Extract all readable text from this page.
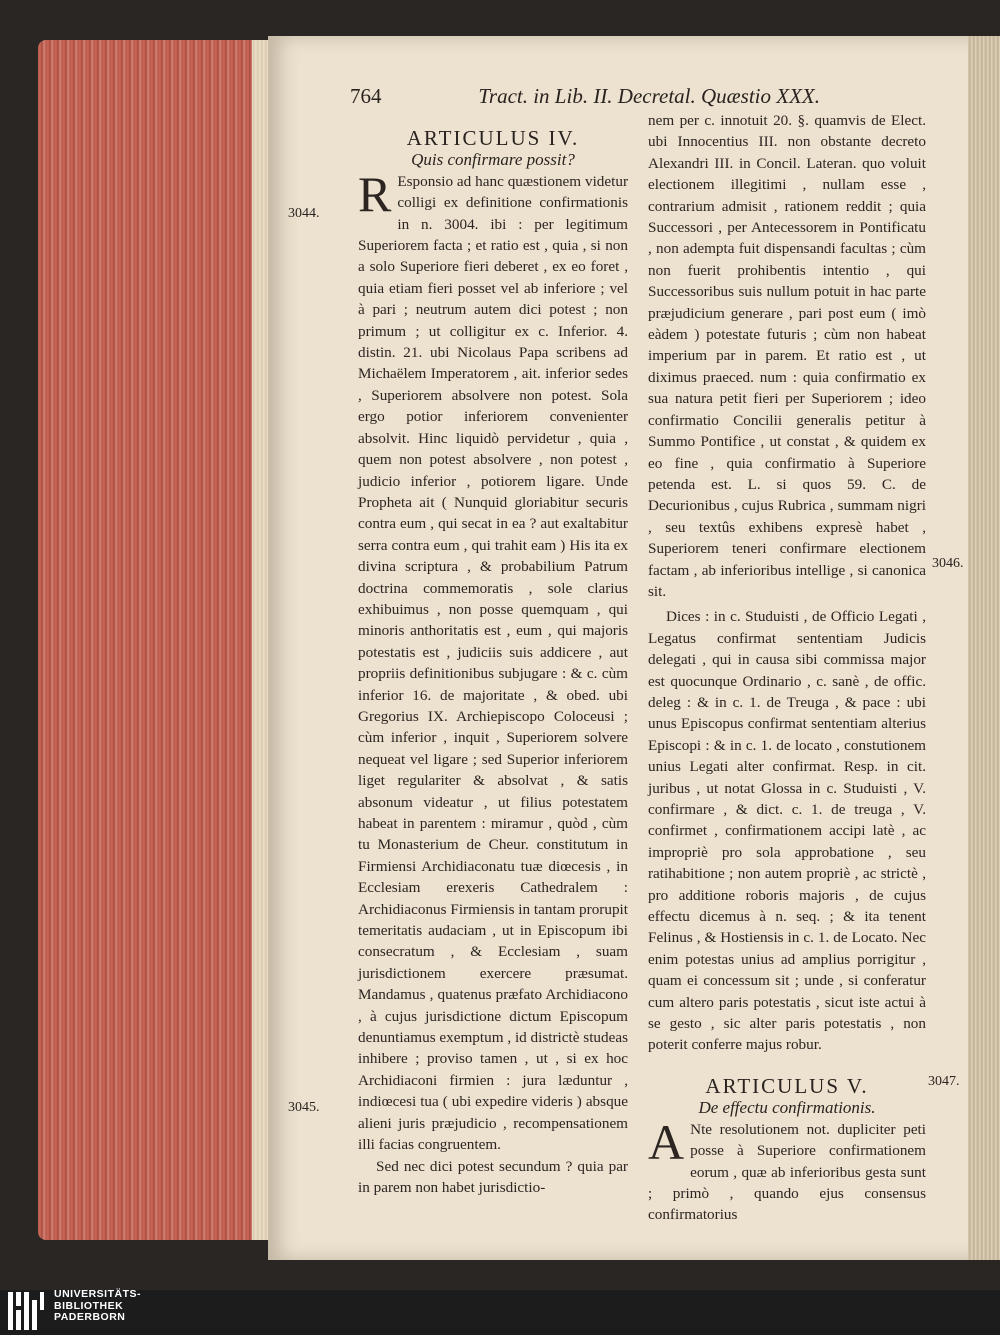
764	Tract. in Lib. II. Decretal. Quæstio XXX.

ARTICULUS IV.

Quis confirmare possit?

R Esponsio ad hanc quæstionem videtur colligi ex definitione confirmationis in n. 3004. ibi : per legitimum Superiorem facta ; et ratio est , quia , si non a solo Superiore fieri deberet , ex eo foret , quia etiam fieri posset vel ab inferiore ; vel à pari ; neutrum autem dici potest ; non primum ; ut colligitur ex c. Inferior. 4. distin. 21. ubi Nicolaus Papa scribens ad Michaëlem Imperatorem , ait. inferior sedes , Superiorem absolvere non potest. Sola ergo potior inferiorem convenienter absolvit. Hinc liquidò pervidetur , quia , quem non potest absolvere , non potest , judicio inferior , potiorem ligare. Unde Propheta ait ( Nunquid gloriabitur securis contra eum , qui secat in ea ? aut exaltabitur serra contra eum , qui trahit eam ) His ita ex divina scriptura , & probabilium Patrum doctrina commemoratis , sole clarius exhibuimus , non posse quemquam , qui minoris anthoritatis est , eum , qui majoris potestatis est , judiciis suis addicere , aut propriis definitionibus subjugare : & c. cùm inferior 16. de majoritate , & obed. ubi Gregorius IX. Archiepiscopo Coloceusi ; cùm inferior , inquit , Superiorem solvere nequeat vel ligare ; sed Superior inferiorem liget regulariter & absolvat , & satis absonum videatur , ut filius potestatem habeat in parentem : miramur , quòd , cùm tu Monasterium de Cheur. constitutum in Firmiensi Archidiaconatu tuæ diœcesis , in Ecclesiam erexeris Cathedralem : Archidiaconus Firmiensis in tantam prorupit temeritatis audaciam , ut in Episcopum ibi consecratum , & Ecclesiam , suam jurisdictionem exercere præsumat. Mandamus , quatenus præfato Archidiacono , à cujus jurisdictione dictum Episcopum denuntiamus exemptum , id districtè studeas inhibere ; proviso tamen , ut , si ex hoc Archidiaconi firmien : jura læduntur , indiœcesi tua ( ubi expedire videris ) absque alieni juris præjudicio , recompensationem illi facias congruentem.

Sed nec dici potest secundum ? quia par in parem non habet jurisdictio-

3044.
3045.

nem per c. innotuit 20. §. quamvis de Elect. ubi Innocentius III. non obstante decreto Alexandri III. in Concil. Lateran. quo voluit electionem illegitimi , nullam esse , contrarium admisit , rationem reddit ; quia Successori , per Antecessorem in Pontificatu , non adempta fuit dispensandi facultas ; cùm non fuerit prohibentis intentio , qui Successoribus suis nullum potuit in hac parte præjudicium generare , pari post eum ( imò eàdem ) potestate futuris ; cùm non habeat imperium par in parem. Et ratio est , ut diximus praeced. num : quia confirmatio ex sua natura petit fieri per Superiorem ; ideo confirmatio Concilii generalis petitur à Summo Pontifice , ut constat , & quidem ex eo fine , quia confirmatio à Superiore petenda est. L. si quos 59. C. de Decurionibus , cujus Rubrica , summam nigri , seu textûs exhibens expresè habet , Superiorem teneri confirmare electionem factam , ab inferioribus intellige , si canonica sit.

Dices : in c. Studuisti , de Officio Legati , Legatus confirmat sententiam Judicis delegati , qui in causa sibi commissa major est quocunque Ordinario , c. sanè , de offic. deleg : & in c. 1. de Treuga , & pace : ubi unus Episcopus confirmat sententiam alterius Episcopi : & in c. 1. de locato , constutionem unius Legati alter confirmat. Resp. in cit. juribus , ut notat Glossa in c. Studuisti , V. confirmare , & dict. c. 1. de treuga , V. confirmet , confirmationem accipi latè , ac impropriè pro sola approbatione , seu ratihabitione ; non autem propriè , ac strictè , pro additione roboris majoris , de cujus effectu dicemus à n. seq. ; & ita tenent Felinus , & Hostiensis in c. 1. de Locato. Nec enim potestas unius ad amplius porrigitur , quam ei concessum sit ; unde , si conferatur cum altero paris potestatis , sicut iste actui à se gesto , sic alter paris potestatis , non poterit conferre majus robur.

ARTICULUS V.

De effectu confirmationis.

A Nte resolutionem not. dupliciter peti posse à Superiore confirmationem eorum , quæ ab inferioribus gesta sunt ; primò , quando ejus consensus confirmatorius

3046.
3047.
UNIVERSITÄTS-
BIBLIOTHEK
PADERBORN
